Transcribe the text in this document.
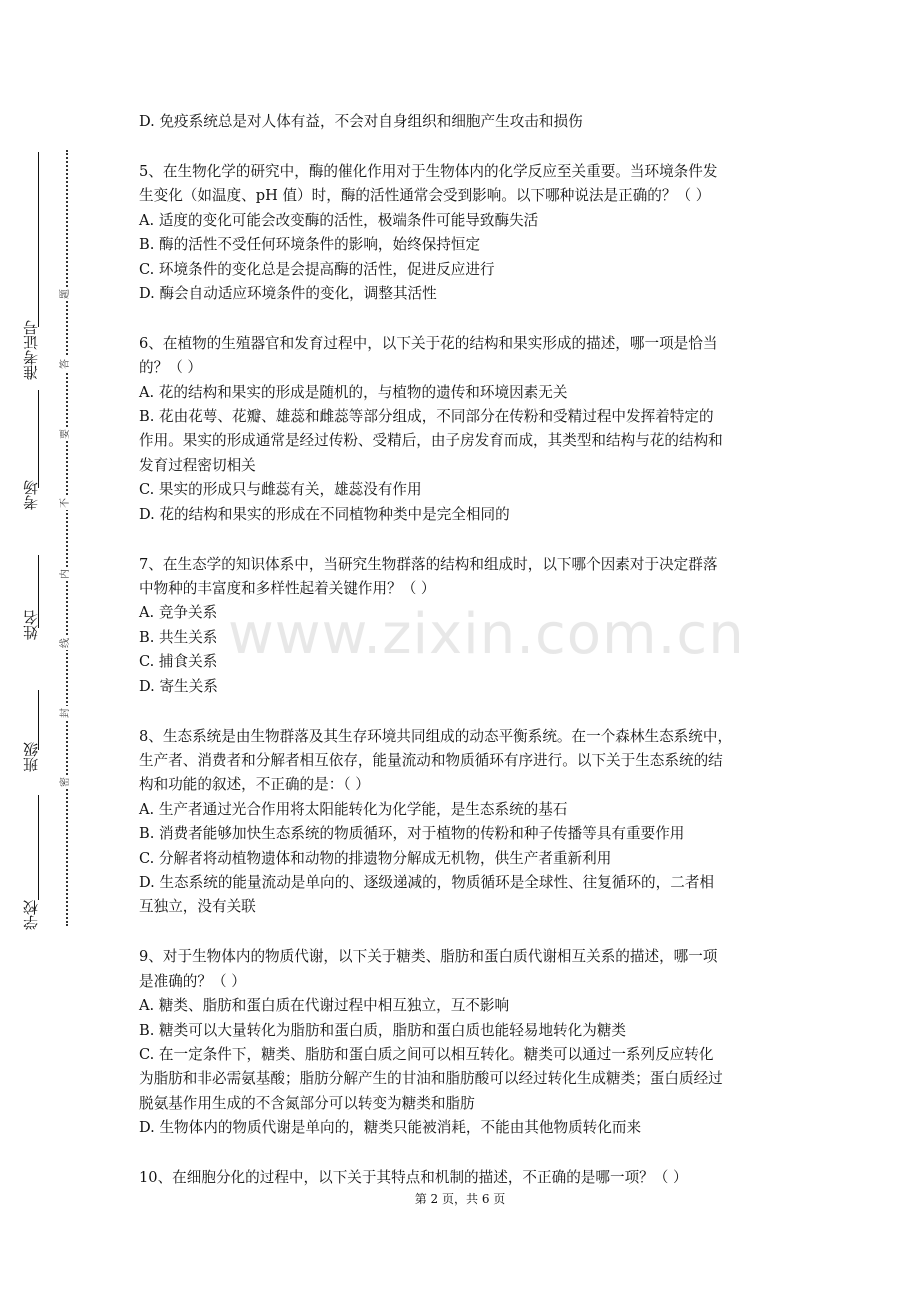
www.zixin.com.cn
准考证号
考场
姓名
班级
学校
题
答
要
不
内
线
封
密
D. 免疫系统总是对人体有益，不会对自身组织和细胞产生攻击和损伤
5、在生物化学的研究中，酶的催化作用对于生物体内的化学反应至关重要。当环境条件发
生变化（如温度、pH 值）时，酶的活性通常会受到影响。以下哪种说法是正确的？（ ）
A. 适度的变化可能会改变酶的活性，极端条件可能导致酶失活
B. 酶的活性不受任何环境条件的影响，始终保持恒定
C. 环境条件的变化总是会提高酶的活性，促进反应进行
D. 酶会自动适应环境条件的变化，调整其活性
6、在植物的生殖器官和发育过程中，以下关于花的结构和果实形成的描述，哪一项是恰当
的？（ ）
A. 花的结构和果实的形成是随机的，与植物的遗传和环境因素无关
B. 花由花萼、花瓣、雄蕊和雌蕊等部分组成，不同部分在传粉和受精过程中发挥着特定的
作用。果实的形成通常是经过传粉、受精后，由子房发育而成，其类型和结构与花的结构和
发育过程密切相关
C. 果实的形成只与雌蕊有关，雄蕊没有作用
D. 花的结构和果实的形成在不同植物种类中是完全相同的
7、在生态学的知识体系中，当研究生物群落的结构和组成时，以下哪个因素对于决定群落
中物种的丰富度和多样性起着关键作用？（ ）
A. 竞争关系
B. 共生关系
C. 捕食关系
D. 寄生关系
8、生态系统是由生物群落及其生存环境共同组成的动态平衡系统。在一个森林生态系统中，
生产者、消费者和分解者相互依存，能量流动和物质循环有序进行。以下关于生态系统的结
构和功能的叙述，不正确的是：（ ）
A. 生产者通过光合作用将太阳能转化为化学能，是生态系统的基石
B. 消费者能够加快生态系统的物质循环，对于植物的传粉和种子传播等具有重要作用
C. 分解者将动植物遗体和动物的排遗物分解成无机物，供生产者重新利用
D. 生态系统的能量流动是单向的、逐级递减的，物质循环是全球性、往复循环的，二者相
互独立，没有关联
9、对于生物体内的物质代谢，以下关于糖类、脂肪和蛋白质代谢相互关系的描述，哪一项
是准确的？（ ）
A. 糖类、脂肪和蛋白质在代谢过程中相互独立，互不影响
B. 糖类可以大量转化为脂肪和蛋白质，脂肪和蛋白质也能轻易地转化为糖类
C. 在一定条件下，糖类、脂肪和蛋白质之间可以相互转化。糖类可以通过一系列反应转化
为脂肪和非必需氨基酸；脂肪分解产生的甘油和脂肪酸可以经过转化生成糖类；蛋白质经过
脱氨基作用生成的不含氮部分可以转变为糖类和脂肪
D. 生物体内的物质代谢是单向的，糖类只能被消耗，不能由其他物质转化而来
10、在细胞分化的过程中，以下关于其特点和机制的描述，不正确的是哪一项？（ ）
第 2 页，共 6 页
